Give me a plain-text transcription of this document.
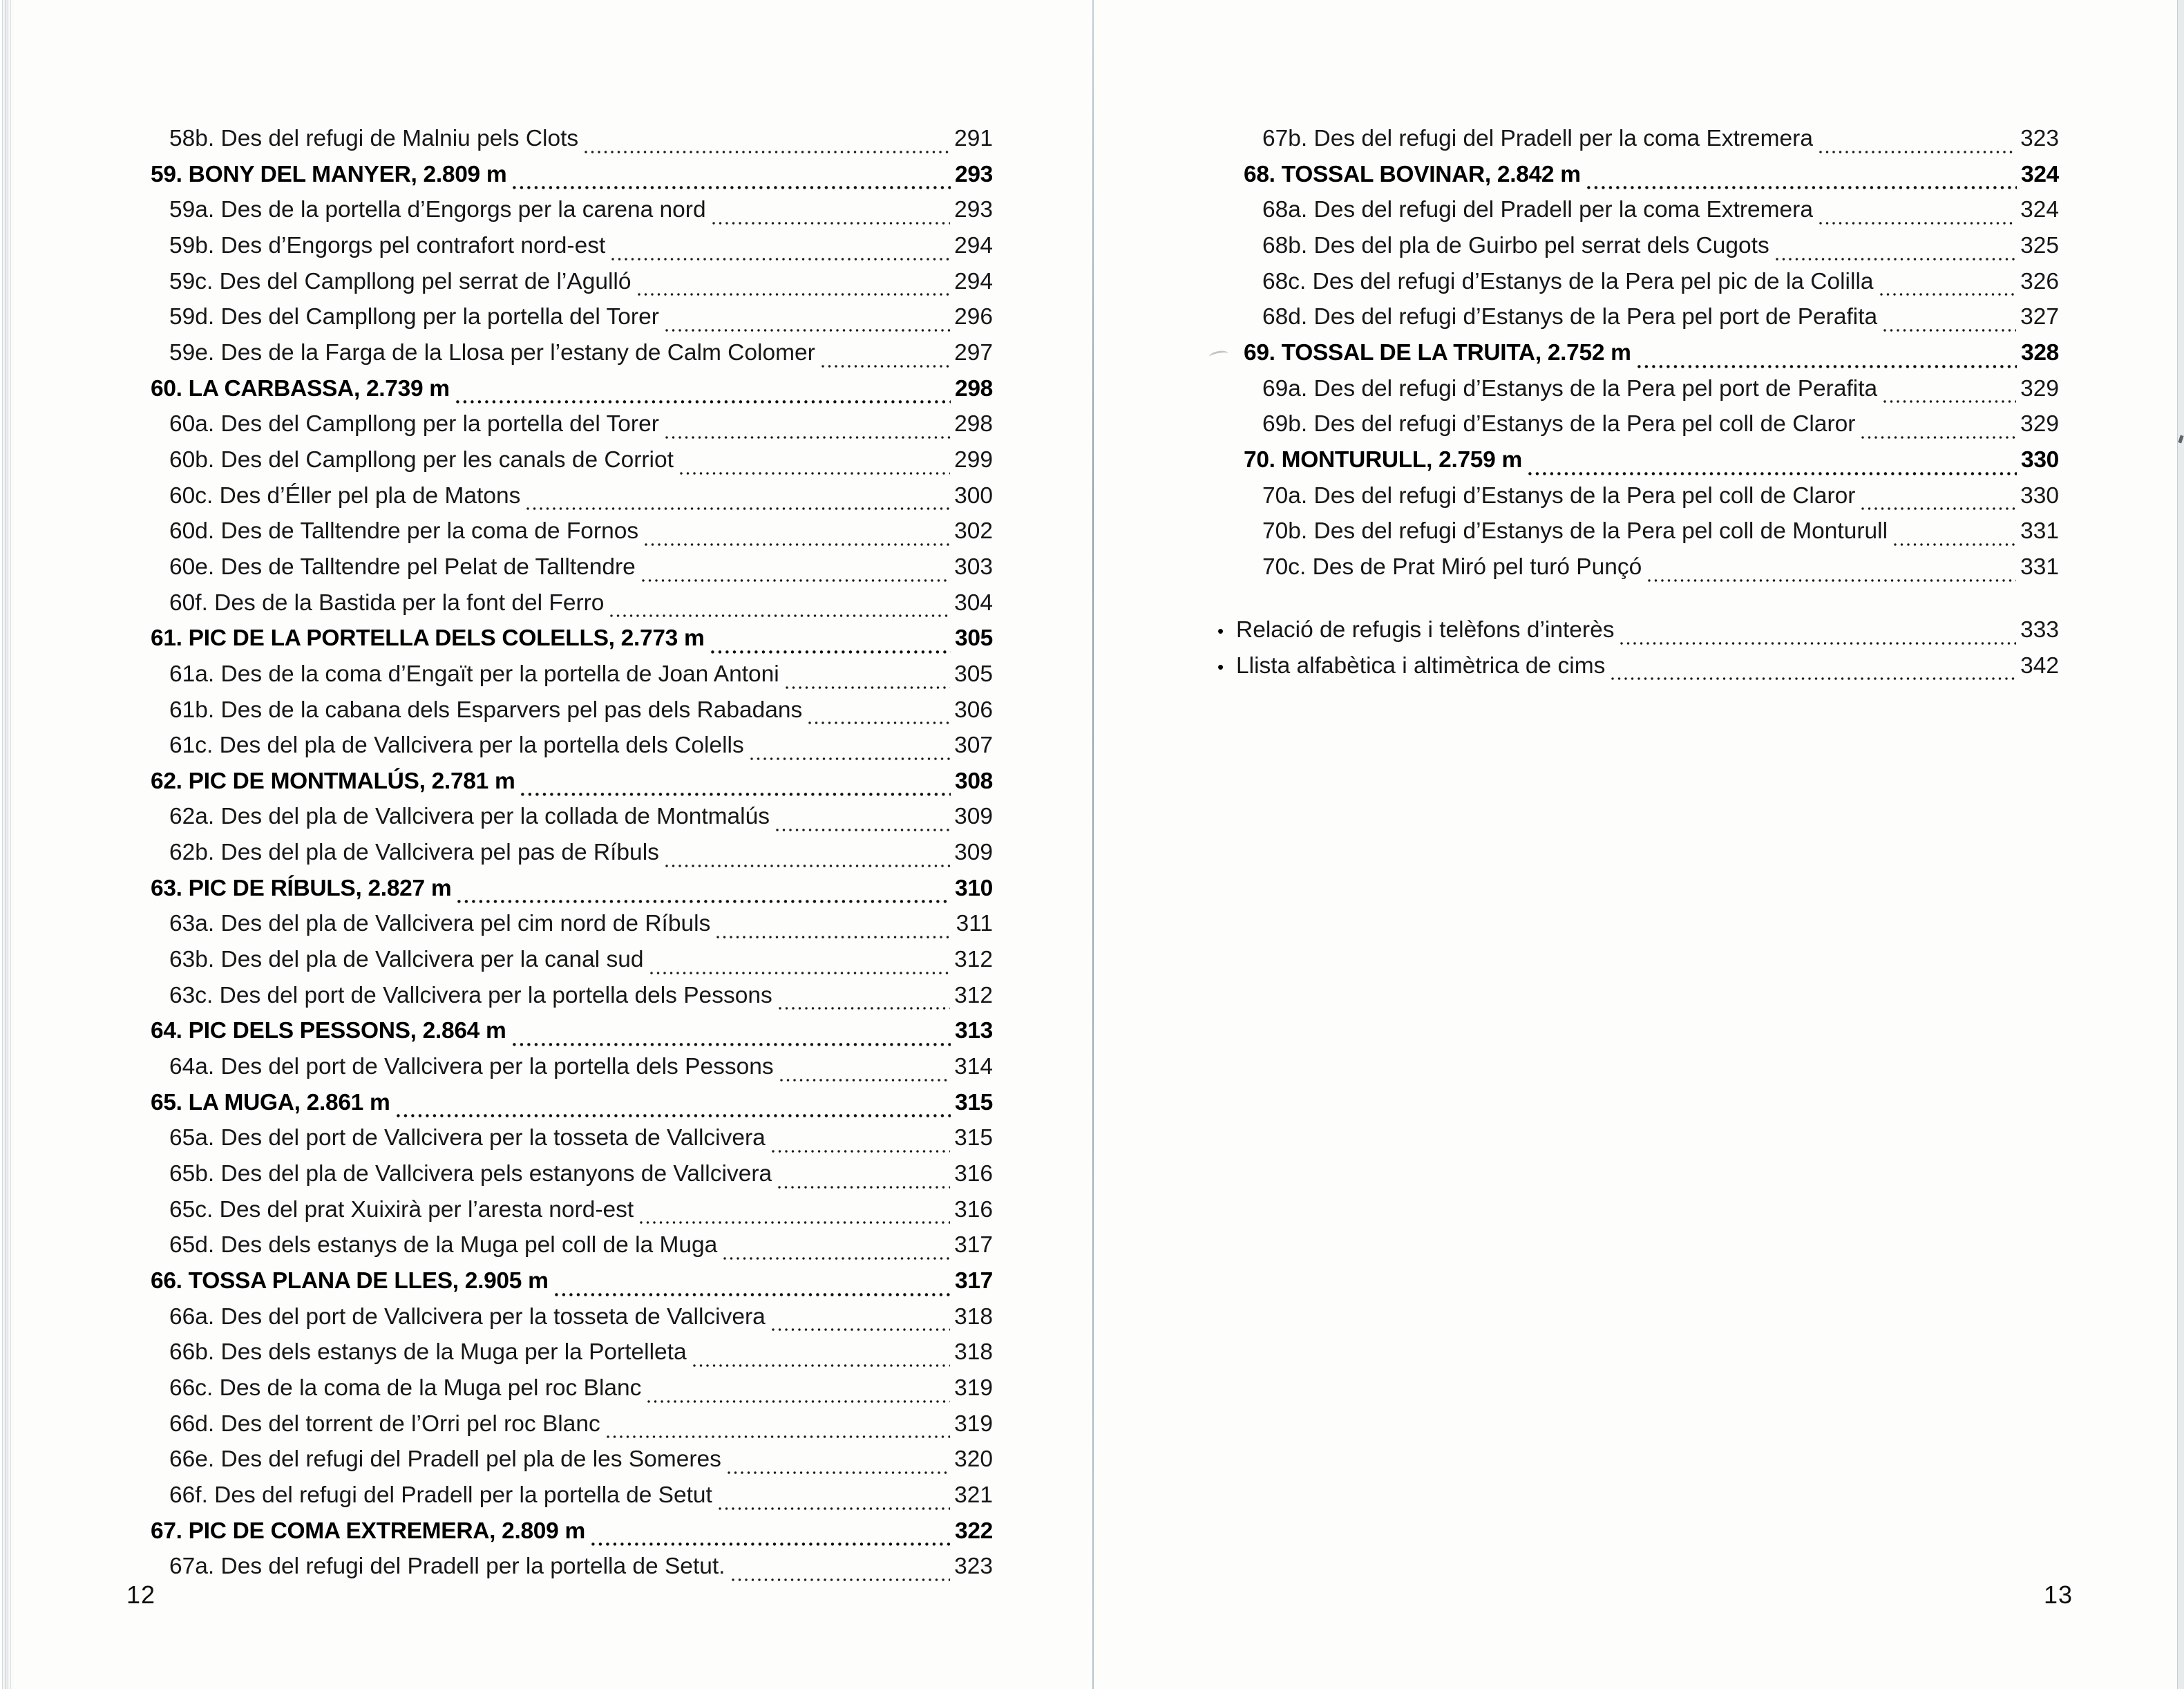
58b. Des del refugi de Malniu pels Clots	291
59. BONY DEL MANYER, 2.809 m	293
59a. Des de la portella d’Engorgs per la carena nord	293
59b. Des d’Engorgs pel contrafort nord-est	294
59c. Des del Campllong pel serrat de l’Agulló	294
59d. Des del Campllong per la portella del Torer	296
59e. Des de la Farga de la Llosa per l’estany de Calm Colomer	297
60. LA CARBASSA, 2.739 m	298
60a. Des del Campllong per la portella del Torer	298
60b. Des del Campllong per les canals de Corriot	299
60c. Des d’Éller pel pla de Matons	300
60d. Des de Talltendre per la coma de Fornos	302
60e. Des de Talltendre pel Pelat de Talltendre	303
60f. Des de la Bastida per la font del Ferro	304
61. PIC DE LA PORTELLA DELS COLELLS, 2.773 m	305
61a. Des de la coma d’Engaït per la portella de Joan Antoni	305
61b. Des de la cabana dels Esparvers pel pas dels Rabadans	306
61c. Des del pla de Vallcivera per la portella dels Colells	307
62. PIC DE MONTMALÚS, 2.781 m	308
62a. Des del pla de Vallcivera per la collada de Montmalús	309
62b. Des del pla de Vallcivera pel pas de Ríbuls	309
63. PIC DE RÍBULS, 2.827 m	310
63a. Des del pla de Vallcivera pel cim nord de Ríbuls	311
63b. Des del pla de Vallcivera per la canal sud	312
63c. Des del port de Vallcivera per la portella dels Pessons	312
64. PIC DELS PESSONS, 2.864 m	313
64a. Des del port de Vallcivera per la portella dels Pessons	314
65. LA MUGA, 2.861 m	315
65a. Des del port de Vallcivera per la tosseta de Vallcivera	315
65b. Des del pla de Vallcivera pels estanyons de Vallcivera	316
65c. Des del prat Xuixirà per l’aresta nord-est	316
65d. Des dels estanys de la Muga pel coll de la Muga	317
66. TOSSA PLANA DE LLES, 2.905 m	317
66a. Des del port de Vallcivera per la tosseta de Vallcivera	318
66b. Des dels estanys de la Muga per la Portelleta	318
66c. Des de la coma de la Muga pel roc Blanc	319
66d. Des del torrent de l’Orri pel roc Blanc	319
66e. Des del refugi del Pradell pel pla de les Someres	320
66f. Des del refugi del Pradell per la portella de Setut	321
67. PIC DE COMA EXTREMERA, 2.809 m	322
67a. Des del refugi del Pradell per la portella de Setut.	323
67b. Des del refugi del Pradell per la coma Extremera	323
68. TOSSAL BOVINAR, 2.842 m	324
68a. Des del refugi del Pradell per la coma Extremera	324
68b. Des del pla de Guirbo pel serrat dels Cugots	325
68c. Des del refugi d’Estanys de la Pera pel pic de la Colilla	326
68d. Des del refugi d’Estanys de la Pera pel port de Perafita	327
69. TOSSAL DE LA TRUITA, 2.752 m	328
69a. Des del refugi d’Estanys de la Pera pel port de Perafita	329
69b. Des del refugi d’Estanys de la Pera pel coll de Claror	329
70. MONTURULL, 2.759 m	330
70a. Des del refugi d’Estanys de la Pera pel coll de Claror	330
70b. Des del refugi d’Estanys de la Pera pel coll de Monturull	331
70c. Des de Prat Miró pel turó Punçó	331
• Relació de refugis i telèfons d’interès	333
• Llista alfabètica i altimètrica de cims	342
12	13
